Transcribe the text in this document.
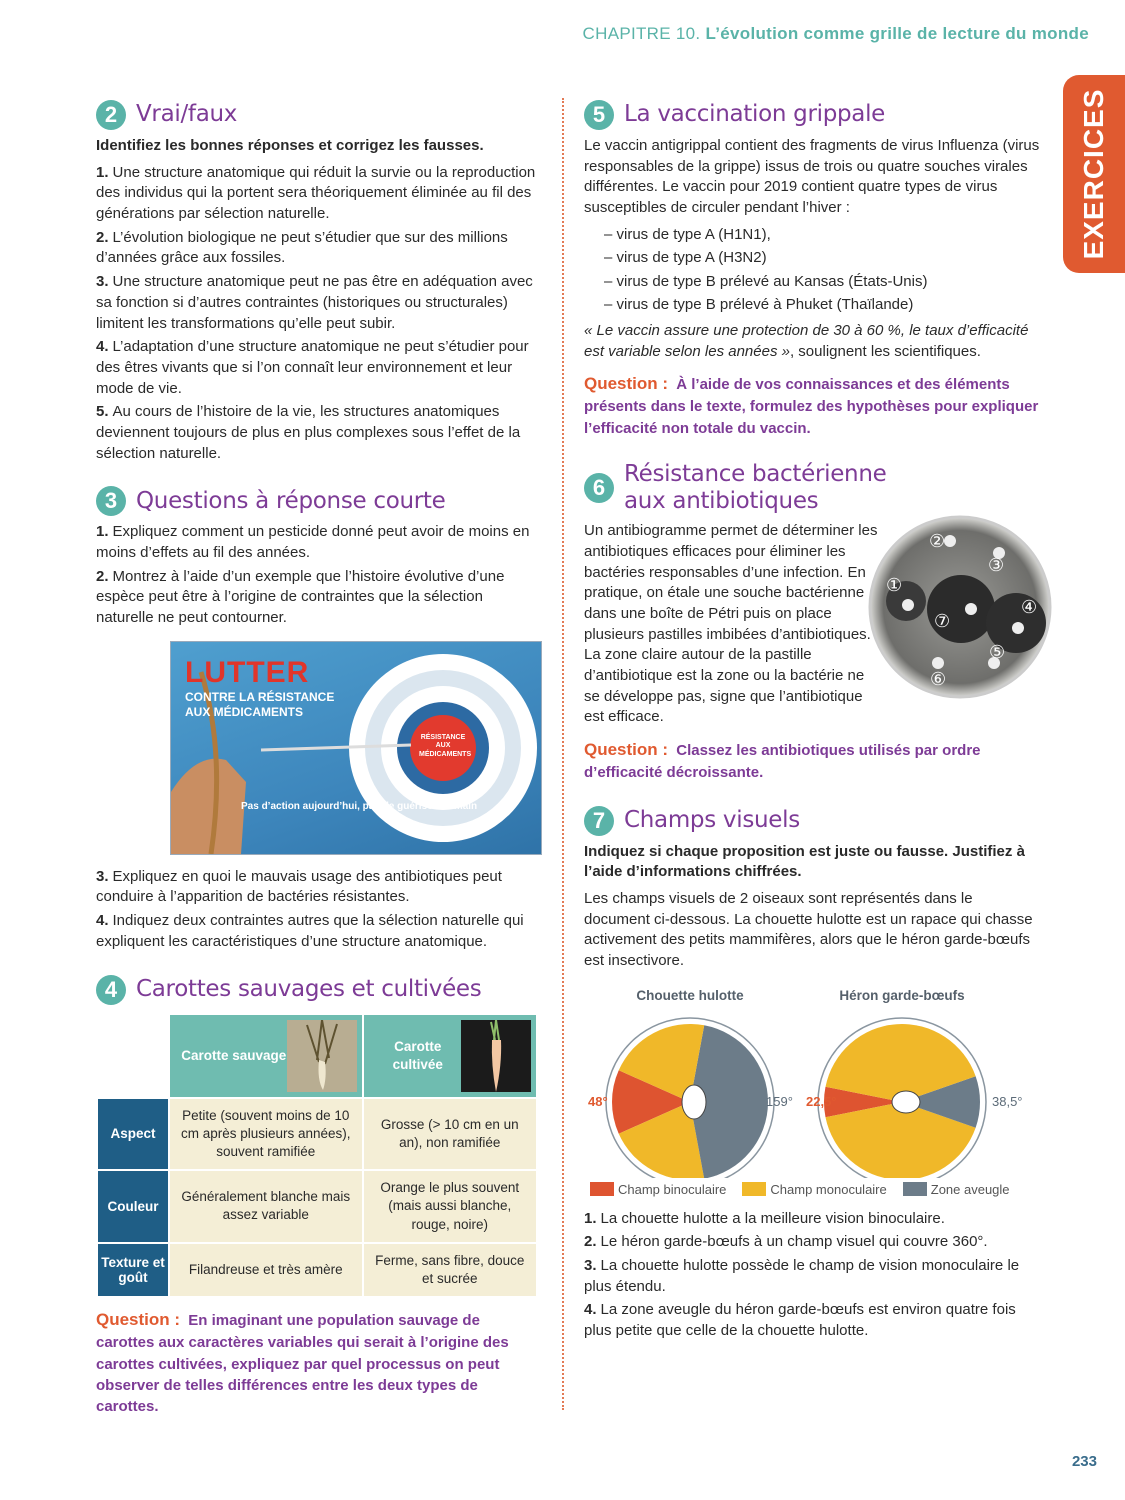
CHAPITRE 10. L’évolution comme grille de lecture du monde
EXERCICES
2 Vrai/faux
Identifiez les bonnes réponses et corrigez les fausses.
1. Une structure anatomique qui réduit la survie ou la reproduction des individus qui la portent sera théoriquement éliminée au fil des générations par sélection naturelle.
2. L’évolution biologique ne peut s’étudier que sur des millions d’années grâce aux fossiles.
3. Une structure anatomique peut ne pas être en adéquation avec sa fonction si d’autres contraintes (historiques ou structurales) limitent les transformations qu’elle peut subir.
4. L’adaptation d’une structure anatomique ne peut s’étudier pour des êtres vivants que si l’on connaît leur environnement et leur mode de vie.
5. Au cours de l’histoire de la vie, les structures anatomiques deviennent toujours de plus en plus complexes sous l’effet de la sélection naturelle.
3 Questions à réponse courte
1. Expliquez comment un pesticide donné peut avoir de moins en moins d’effets au fil des années.
2. Montrez à l’aide d’un exemple que l’histoire évolutive d’une espèce peut être à l’origine de contraintes que la sélection naturelle ne peut contourner.
LUTTER
CONTRE LA RÉSISTANCE AUX MÉDICAMENTS
RÉSISTANCE AUX MÉDICAMENTS
Pas d’action aujourd’hui, pas de guérison demain
3. Expliquez en quoi le mauvais usage des antibiotiques peut conduire à l’apparition de bactéries résistantes.
4. Indiquez deux contraintes autres que la sélection naturelle qui expliquent les caractéristiques d’une structure anatomique.
4 Carottes sauvages et cultivées

	Carotte sauvage	Carotte cultivée

Aspect	Petite (souvent moins de 10 cm après plusieurs années), souvent ramifiée	Grosse (> 10 cm en un an), non ramifiée
Couleur	Généralement blanche mais assez variable	Orange le plus souvent (mais aussi blanche, rouge, noire)
Texture et goût	Filandreuse et très amère	Ferme, sans fibre, douce et sucrée
Question : En imaginant une population sauvage de carottes aux caractères variables qui serait à l’origine des carottes cultivées, expliquez par quel processus on peut observer de telles différences entre les deux types de carottes.
5 La vaccination grippale

Le vaccin antigrippal contient des fragments de virus Influenza (virus responsables de la grippe) issus de trois ou quatre souches virales différentes. Le vaccin pour 2019 contient quatre types de virus susceptibles de circuler pendant l’hiver :

– virus de type A (H1N1),
– virus de type A (H3N2)
– virus de type B prélevé au Kansas (États-Unis)
– virus de type B prélevé à Phuket (Thaïlande)

« Le vaccin assure une protection de 30 à 60 %, le taux d’efficacité est variable selon les années », soulignent les scientifiques.

Question : À l’aide de vos connaissances et des éléments présents dans le texte, formulez des hypothèses pour expliquer l’efficacité non totale du vaccin.
6
Résistance bactérienne aux antibiotiques
①
②
③
④
⑤
⑥
⑦

Un antibiogramme permet de déterminer les antibiotiques efficaces pour éliminer les bactéries responsables d’une infection. En pratique, on étale une souche bactérienne dans une boîte de Pétri puis on place plusieurs pastilles imbibées d’antibiotiques. La zone claire autour de la pastille d’antibiotique est la zone ou la bactérie ne se développe pas, signe que l’antibiotique est efficace.

Question : Classez les antibiotiques utilisés par ordre d’efficacité décroissante.
7 Champs visuels
Indiquez si chaque proposition est juste ou fausse. Justifiez à l’aide d’informations chiffrées.

Les champs visuels de 2 oiseaux sont représentés dans le document ci-dessous. La chouette hulotte est un rapace qui chasse activement des petits mammifères, alors que le héron garde-bœufs est insectivore.

Chouette hulotte	Héron garde-bœufs
48°	159° 22,5°	38,5°
Champ binoculaire	Champ monoculaire	Zone aveugle
1. La chouette hulotte a la meilleure vision binoculaire.
2. Le héron garde-bœufs à un champ visuel qui couvre 360°.
3. La chouette hulotte possède le champ de vision monoculaire le plus étendu.
4. La zone aveugle du héron garde-bœufs est environ quatre fois plus petite que celle de la chouette hulotte.
233
